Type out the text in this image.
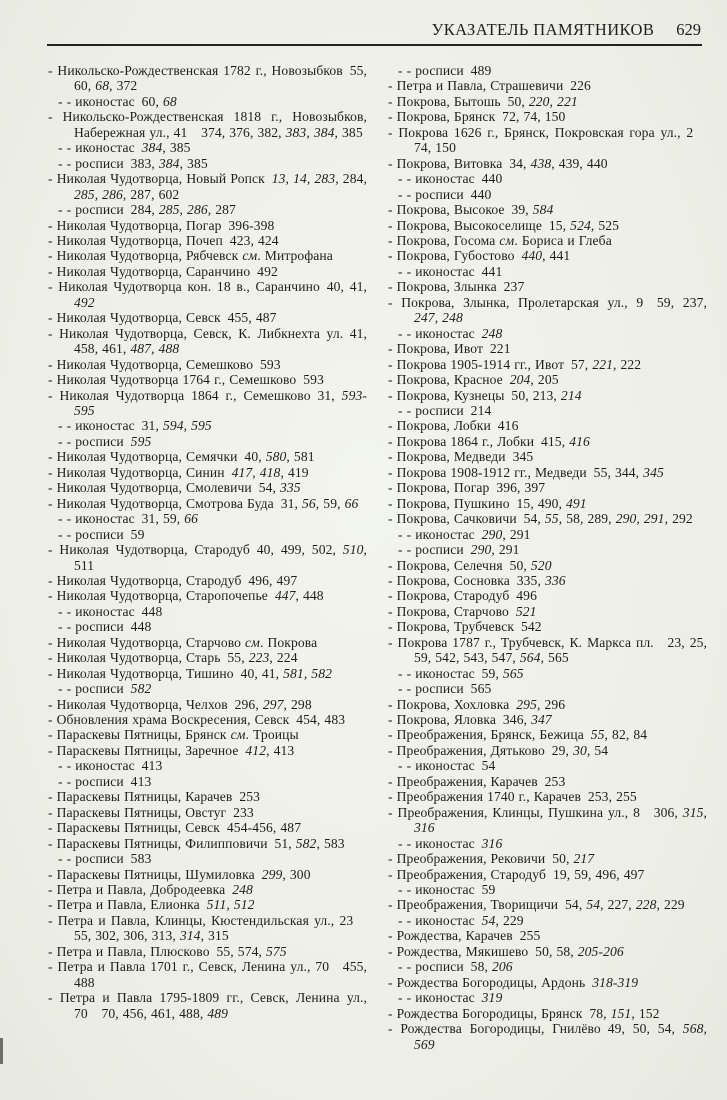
УКАЗАТЕЛЬ ПАМЯТНИКОВ 629
- Никольско-Рождественская 1782 г., Новозыбков 55, 60, 68, 372
- - иконостас 60, 68
- Никольско-Рождественская 1818 г., Новозыбков, Набережная ул., 41 374, 376, 382, 383, 384, 385
- - иконостас 384, 385
- - росписи 383, 384, 385
- Николая Чудотворца, Новый Ропск 13, 14, 283, 284, 285, 286, 287, 602
- - росписи 284, 285, 286, 287
- Николая Чудотворца, Погар 396-398
- Николая Чудотворца, Почеп 423, 424
- Николая Чудотворца, Рябчевск см. Митрофана
- Николая Чудотворца, Саранчино 492
- Николая Чудотворца кон. 18 в., Саранчино 40, 41, 492
- Николая Чудотворца, Севск 455, 487
- Николая Чудотворца, Севск, К. Либкнехта ул. 41, 458, 461, 487, 488
- Николая Чудотворца, Семешково 593
- Николая Чудотворца 1764 г., Семешково 593
- Николая Чудотворца 1864 г., Семешково 31, 593-595
- - иконостас 31, 594, 595
- - росписи 595
- Николая Чудотворца, Семячки 40, 580, 581
- Николая Чудотворца, Синин 417, 418, 419
- Николая Чудотворца, Смолевичи 54, 335
- Николая Чудотворца, Смотрова Буда 31, 56, 59, 66
- - иконостас 31, 59, 66
- - росписи 59
- Николая Чудотворца, Стародуб 40, 499, 502, 510, 511
- Николая Чудотворца, Стародуб 496, 497
- Николая Чудотворца, Старопочепье 447, 448
- - иконостас 448
- - росписи 448
- Николая Чудотворца, Старчово см. Покрова
- Николая Чудотворца, Старь 55, 223, 224
- Николая Чудотворца, Тишино 40, 41, 581, 582
- - росписи 582
- Николая Чудотворца, Челхов 296, 297, 298
- Обновления храма Воскресения, Севск 454, 483
- Параскевы Пятницы, Брянск см. Троицы
- Параскевы Пятницы, Заречное 412, 413
- - иконостас 413
- - росписи 413
- Параскевы Пятницы, Карачев 253
- Параскевы Пятницы, Овстуг 233
- Параскевы Пятницы, Севск 454-456, 487
- Параскевы Пятницы, Филипповичи 51, 582, 583
- - росписи 583
- Параскевы Пятницы, Шумиловка 299, 300
- Петра и Павла, Добродеевка 248
- Петра и Павла, Елионка 511, 512
- Петра и Павла, Клинцы, Кюстендильская ул., 23 55, 302, 306, 313, 314, 315
- Петра и Павла, Плюсково 55, 574, 575
- Петра и Павла 1701 г., Севск, Ленина ул., 70 455, 488
- Петра и Павла 1795-1809 гг., Севск, Ленина ул., 70 70, 456, 461, 488, 489
- - росписи 489
- Петра и Павла, Страшевичи 226
- Покрова, Бытошь 50, 220, 221
- Покрова, Брянск 72, 74, 150
- Покрова 1626 г., Брянск, Покровская гора ул., 2 74, 150
- Покрова, Витовка 34, 438, 439, 440
- - иконостас 440
- - росписи 440
- Покрова, Высокое 39, 584
- Покрова, Высокоселище 15, 524, 525
- Покрова, Госома см. Бориса и Глеба
- Покрова, Губостово 440, 441
- - иконостас 441
- Покрова, Злынка 237
- Покрова, Злынка, Пролетарская ул., 9 59, 237, 247, 248
- - иконостас 248
- Покрова, Ивот 221
- Покрова 1905-1914 гг., Ивот 57, 221, 222
- Покрова, Красное 204, 205
- Покрова, Кузнецы 50, 213, 214
- - росписи 214
- Покрова, Лобки 416
- Покрова 1864 г., Лобки 415, 416
- Покрова, Медведи 345
- Покрова 1908-1912 гг., Медведи 55, 344, 345
- Покрова, Погар 396, 397
- Покрова, Пушкино 15, 490, 491
- Покрова, Сачковичи 54, 55, 58, 289, 290, 291, 292
- - иконостас 290, 291
- - росписи 290, 291
- Покрова, Селечня 50, 520
- Покрова, Сосновка 335, 336
- Покрова, Стародуб 496
- Покрова, Старчово 521
- Покрова, Трубчевск 542
- Покрова 1787 г., Трубчевск, К. Маркса пл. 23, 25, 59, 542, 543, 547, 564, 565
- - иконостас 59, 565
- - росписи 565
- Покрова, Хохловка 295, 296
- Покрова, Яловка 346, 347
- Преображения, Брянск, Бежица 55, 82, 84
- Преображения, Дятьково 29, 30, 54
- - иконостас 54
- Преображения, Карачев 253
- Преображения 1740 г., Карачев 253, 255
- Преображения, Клинцы, Пушкина ул., 8 306, 315, 316
- - иконостас 316
- Преображения, Рековичи 50, 217
- Преображения, Стародуб 19, 59, 496, 497
- - иконостас 59
- Преображения, Творищичи 54, 54, 227, 228, 229
- - иконостас 54, 229
- Рождества, Карачев 255
- Рождества, Мякишево 50, 58, 205-206
- - росписи 58, 206
- Рождества Богородицы, Ардонь 318-319
- - иконостас 319
- Рождества Богородицы, Брянск 78, 151, 152
- Рождества Богородицы, Гнилёво 49, 50, 54, 568, 569
